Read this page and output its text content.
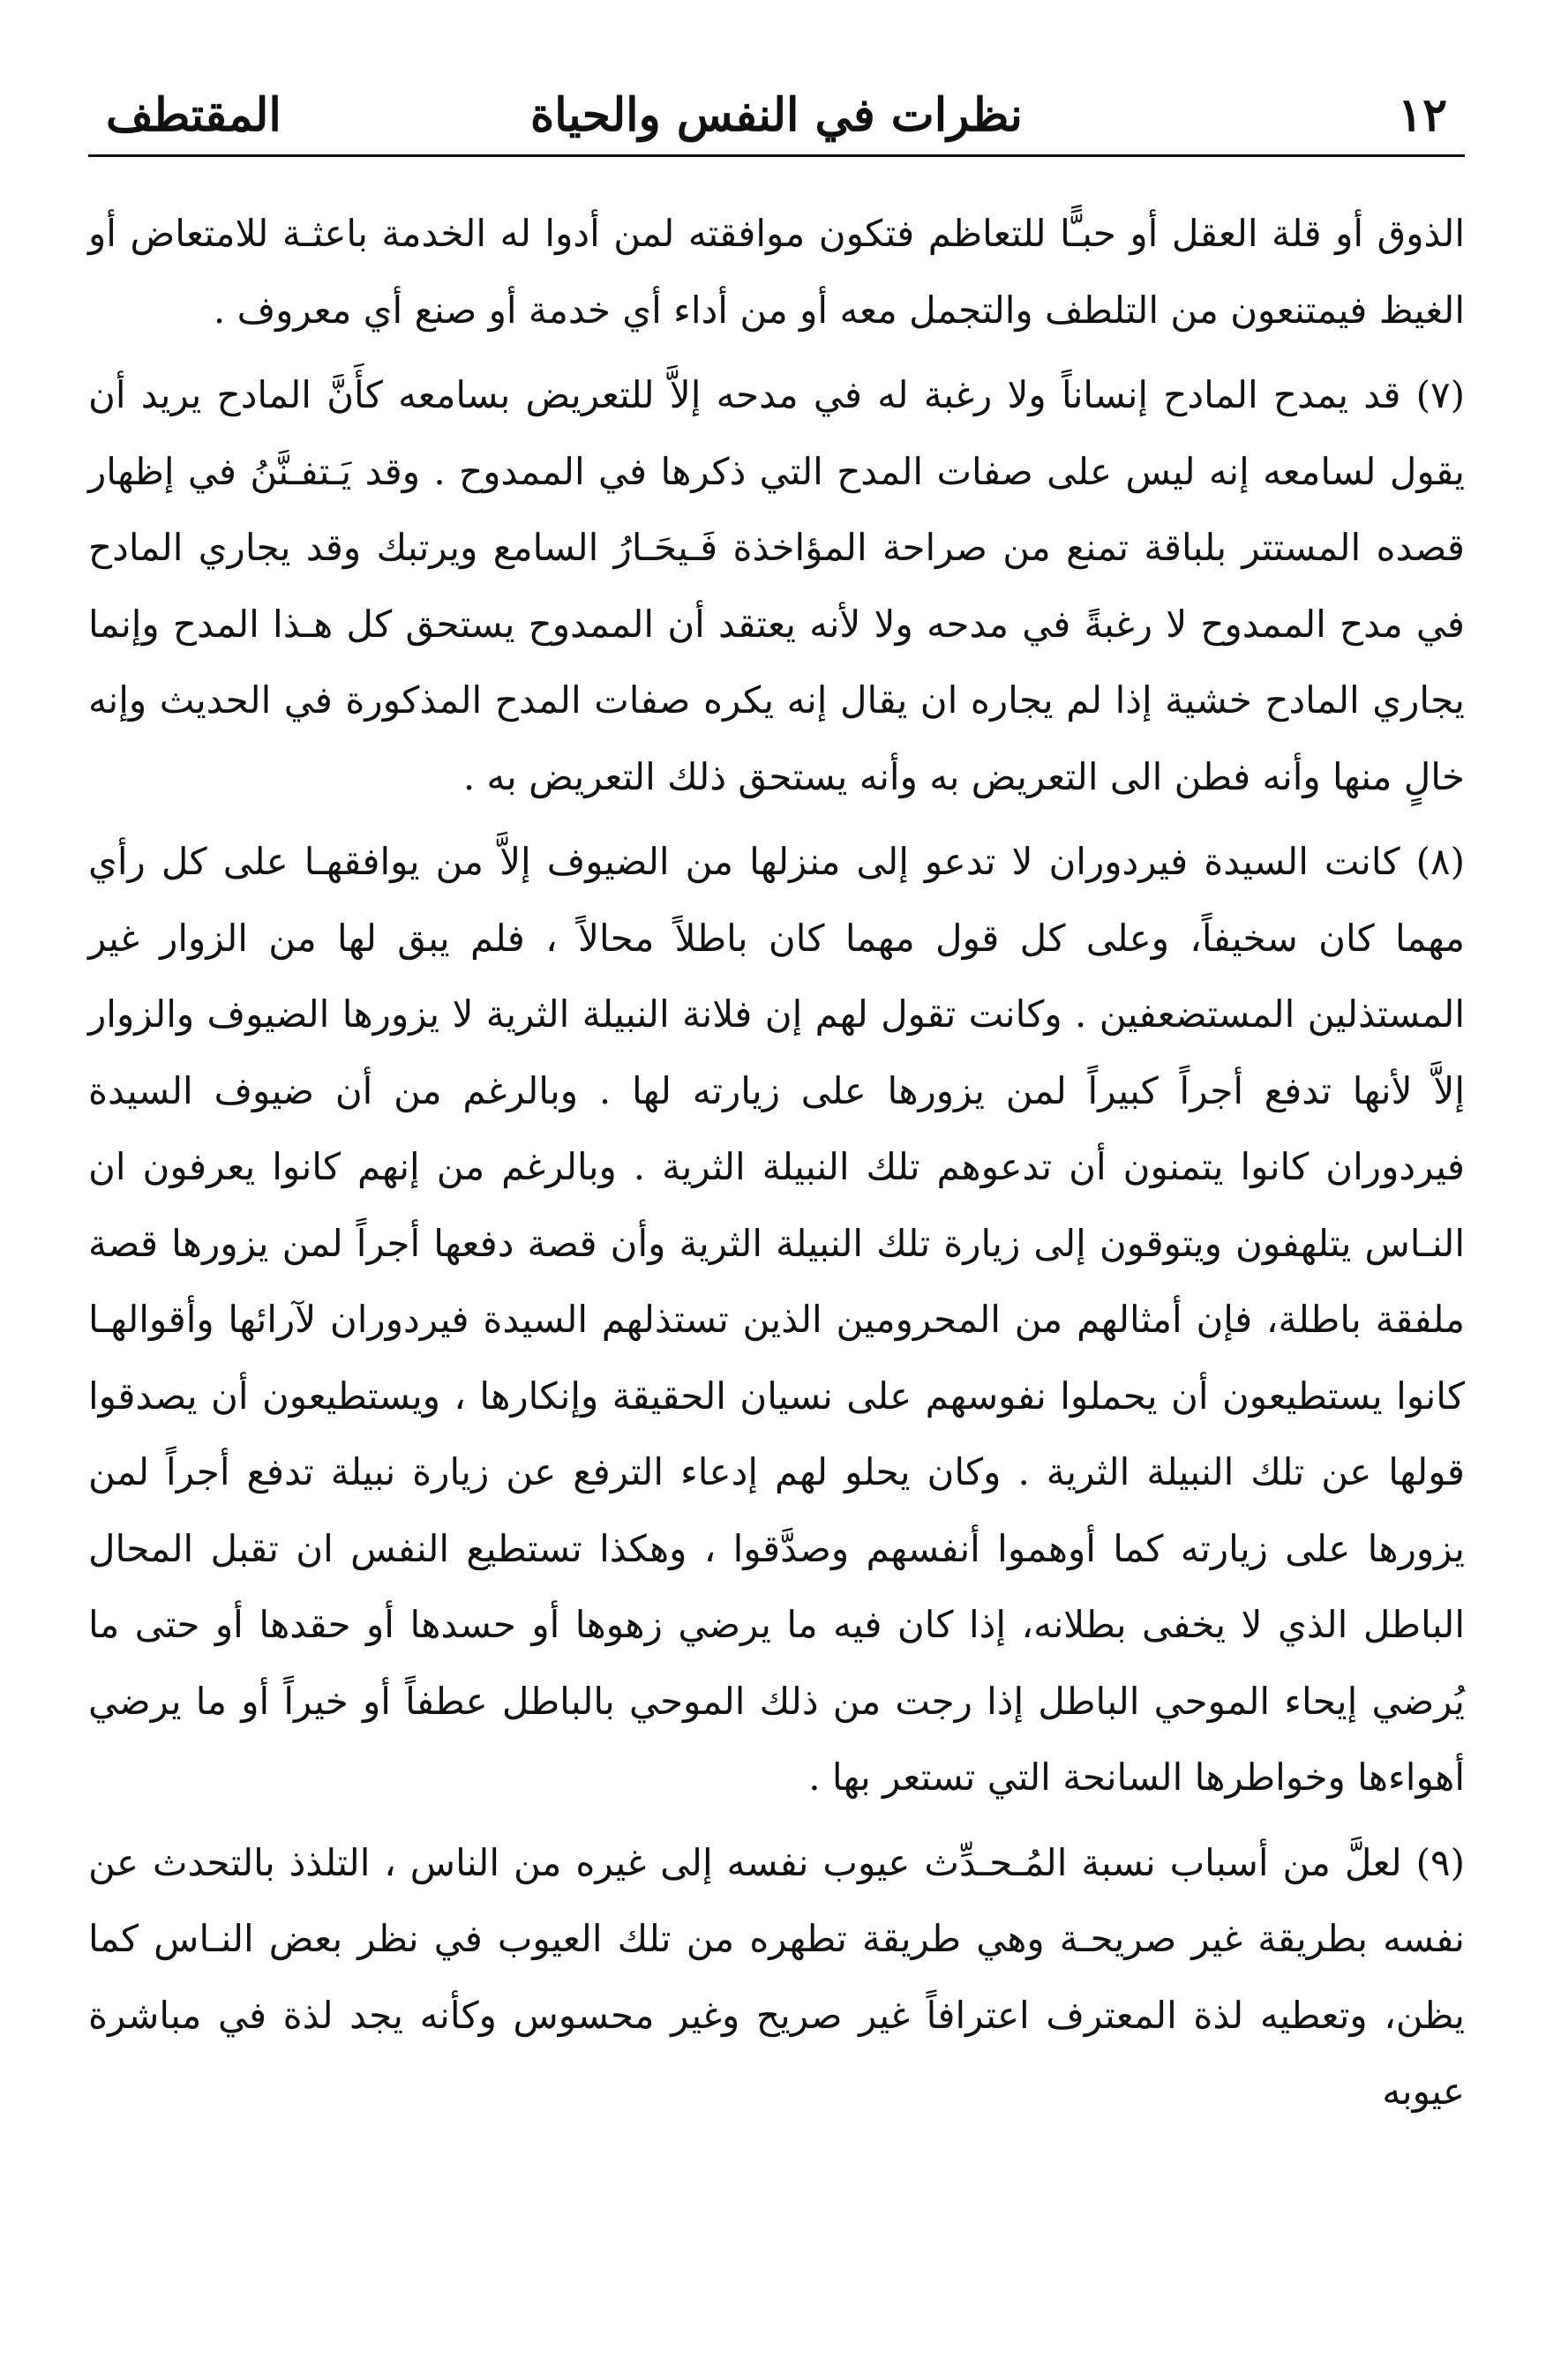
١٢
نظرات في النفس والحياة
المقتطف

الذوق أو قلة العقل أو حبـًّا للتعاظم فتكون موافقته لمن أدوا له الخدمة باعثـة للامتعاض أو الغيظ فيمتنعون من التلطف والتجمل معه أو من أداء أي خدمة أو صنع أي معروف .

(٧) قد يمدح المادح إنساناً ولا رغبة له في مدحه إلاَّ للتعريض بسامعه كأَنَّ المادح يريد أن يقول لسامعه إنه ليس على صفات المدح التي ذكرها في الممدوح . وقد يَـتفـنَّنُ في إظهار قصده المستتر بلباقة تمنع من صراحة المؤاخذة فَـيحَـارُ السامع ويرتبك وقد يجاري المادح في مدح الممدوح لا رغبةً في مدحه ولا لأنه يعتقد أن الممدوح يستحق كل هـذا المدح وإنما يجاري المادح خشية إذا لم يجاره ان يقال إنه يكره صفات المدح المذكورة في الحديث وإنه خالٍ منها وأنه فطن الى التعريض به وأنه يستحق ذلك التعريض به .

(٨) كانت السيدة فيردوران لا تدعو إلى منزلها من الضيوف إلاَّ من يوافقهـا على كل رأي مهما كان سخيفاً، وعلى كل قول مهما كان باطلاً محالاً ، فلم يبق لها من الزوار غير المستذلين المستضعفين . وكانت تقول لهم إن فلانة النبيلة الثرية لا يزورها الضيوف والزوار إلاَّ لأنها تدفع أجراً كبيراً لمن يزورها على زيارته لها . وبالرغم من أن ضيوف السيدة فيردوران كانوا يتمنون أن تدعوهم تلك النبيلة الثرية . وبالرغم من إنهم كانوا يعرفون ان النـاس يتلهفون ويتوقون إلى زيارة تلك النبيلة الثرية وأن قصة دفعها أجراً لمن يزورها قصة ملفقة باطلة، فإن أمثالهم من المحرومين الذين تستذلهم السيدة فيردوران لآرائها وأقوالهـا كانوا يستطيعون أن يحملوا نفوسهم على نسيان الحقيقة وإنكارها ، ويستطيعون أن يصدقوا قولها عن تلك النبيلة الثرية . وكان يحلو لهم إدعاء الترفع عن زيارة نبيلة تدفع أجراً لمن يزورها على زيارته كما أوهموا أنفسهم وصدَّقوا ، وهكذا تستطيع النفس ان تقبل المحال الباطل الذي لا يخفى بطلانه، إذا كان فيه ما يرضي زهوها أو حسدها أو حقدها أو حتى ما يُرضي إيحاء الموحي الباطل إذا رجت من ذلك الموحي بالباطل عطفاً أو خيراً أو ما يرضي أهواءها وخواطرها السانحة التي تستعر بها .

(٩) لعلَّ من أسباب نسبة المُـحـدِّث عيوب نفسه إلى غيره من الناس ، التلذذ بالتحدث عن نفسه بطريقة غير صريحـة وهي طريقة تطهره من تلك العيوب في نظر بعض النـاس كما يظن، وتعطيه لذة المعترف اعترافاً غير صريح وغير محسوس وكأنه يجد لذة في مباشرة عيوبه
